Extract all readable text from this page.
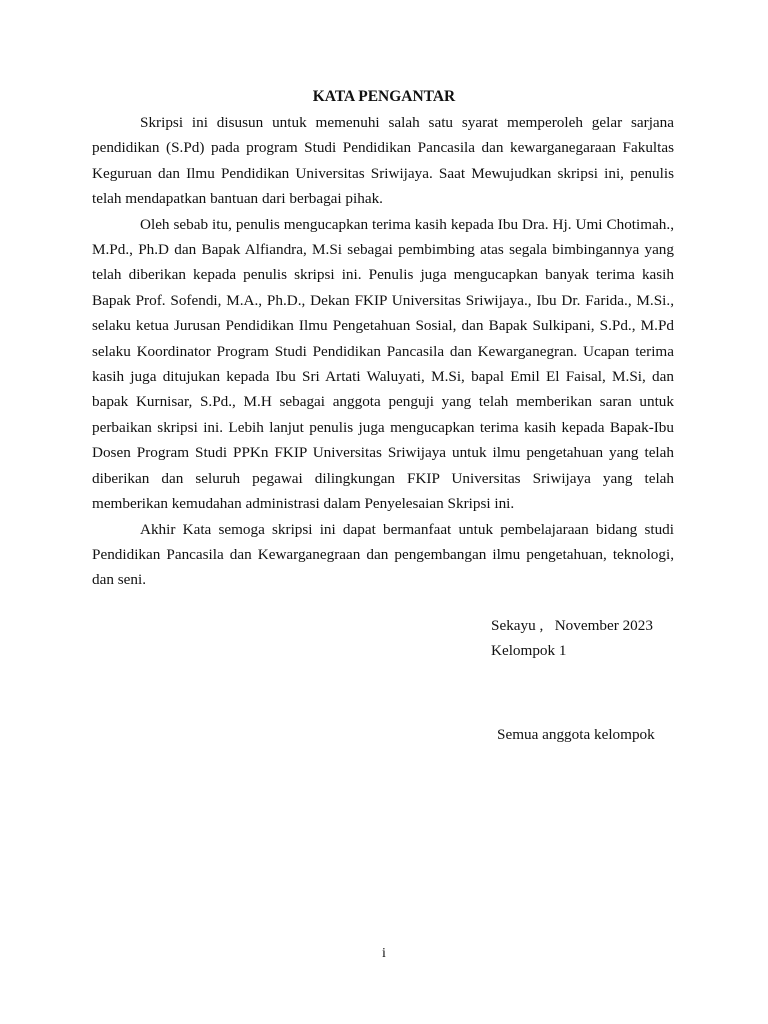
KATA PENGANTAR

Skripsi ini disusun untuk memenuhi salah satu syarat memperoleh gelar sarjana pendidikan (S.Pd) pada program Studi Pendidikan Pancasila dan kewarganegaraan Fakultas Keguruan dan Ilmu Pendidikan Universitas Sriwijaya. Saat Mewujudkan skripsi ini, penulis telah mendapatkan bantuan dari berbagai pihak.

Oleh sebab itu, penulis mengucapkan terima kasih kepada Ibu Dra. Hj. Umi Chotimah., M.Pd., Ph.D dan Bapak Alfiandra, M.Si sebagai pembimbing atas segala bimbingannya yang telah diberikan kepada penulis skripsi ini. Penulis juga mengucapkan banyak terima kasih Bapak Prof. Sofendi, M.A., Ph.D., Dekan FKIP Universitas Sriwijaya., Ibu Dr. Farida., M.Si., selaku ketua Jurusan Pendidikan Ilmu Pengetahuan Sosial, dan Bapak Sulkipani, S.Pd., M.Pd selaku Koordinator Program Studi Pendidikan Pancasila dan Kewarganegran. Ucapan terima kasih juga ditujukan kepada Ibu Sri Artati Waluyati, M.Si, bapal Emil El Faisal, M.Si, dan bapak Kurnisar, S.Pd., M.H sebagai anggota penguji yang telah memberikan saran untuk perbaikan skripsi ini. Lebih lanjut penulis juga mengucapkan terima kasih kepada Bapak-Ibu Dosen Program Studi PPKn FKIP Universitas Sriwijaya untuk ilmu pengetahuan yang telah diberikan dan seluruh pegawai dilingkungan FKIP Universitas Sriwijaya yang telah memberikan kemudahan administrasi dalam Penyelesaian Skripsi ini.

Akhir Kata semoga skripsi ini dapat bermanfaat untuk pembelajaraan bidang studi Pendidikan Pancasila dan Kewarganegraan dan pengembangan ilmu pengetahuan, teknologi, dan seni.

Sekayu ,   November 2023
Kelompok 1
Semua anggota kelompok
i
